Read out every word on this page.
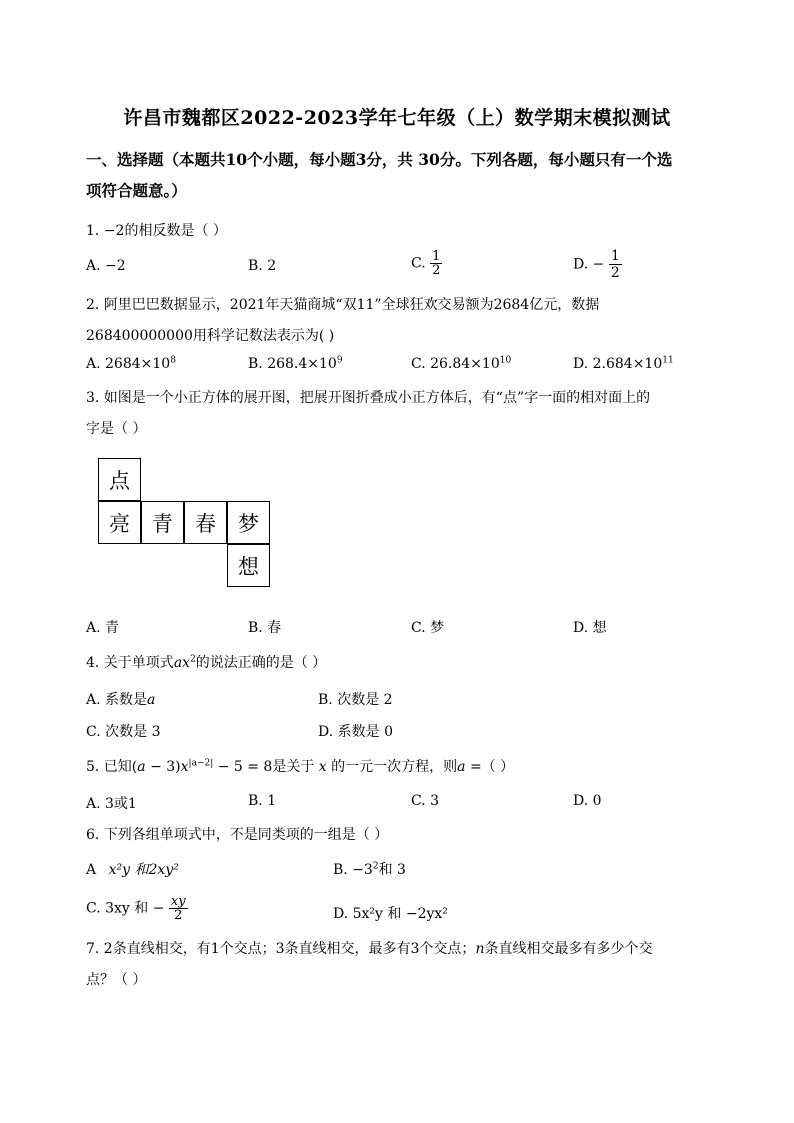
许昌市魏都区2022-2023学年七年级（上）数学期末模拟测试
一、选择题（本题共10个小题，每小题3分，共 30分。下列各题，每小题只有一个选
项符合题意。）
1. −2的相反数是（ ）
A. −2	B. 2	C. $\frac{1}{2}$	D. − $\frac{1}{2}$
2. 阿里巴巴数据显示，2021年天猫商城“双11”全球狂欢交易额为2684亿元，数据
268400000000用科学记数法表示为( )
A. $2684\times 10^8$	B. $268.4\times 10^9$	C. $26.84\times 10^{10}$	D. $2.684\times 10^{11}$
3. 如图是一个小正方体的展开图，把展开图折叠成小正方体后，有“点”字一面的相对面上的
字是（ ）
点
亮	青	春	梦
想
A. 青	B. 春	C. 梦	D. 想
4. 关于单项式$ax^2$的说法正确的是（ ）
A. 系数是a	B. 次数是 2
C. 次数是 3	D. 系数是 0
5. 已知$(a - 3)x^{|a-2|} - 5 = 8$是关于 x 的一元一次方程，则a =（ ）
A. 3或1	B. 1	C. 3	D. 0
6. 下列各组单项式中，不是同类项的一组是（ ）
A x²y 和2xy²	B. $-3^2$和 3
C. 3xy 和 − $\frac{xy}{2}$	D. 5x²y 和 −2yx²
7. 2条直线相交，有1个交点；3条直线相交，最多有3个交点；n条直线相交最多有多少个交
点？（ ）
